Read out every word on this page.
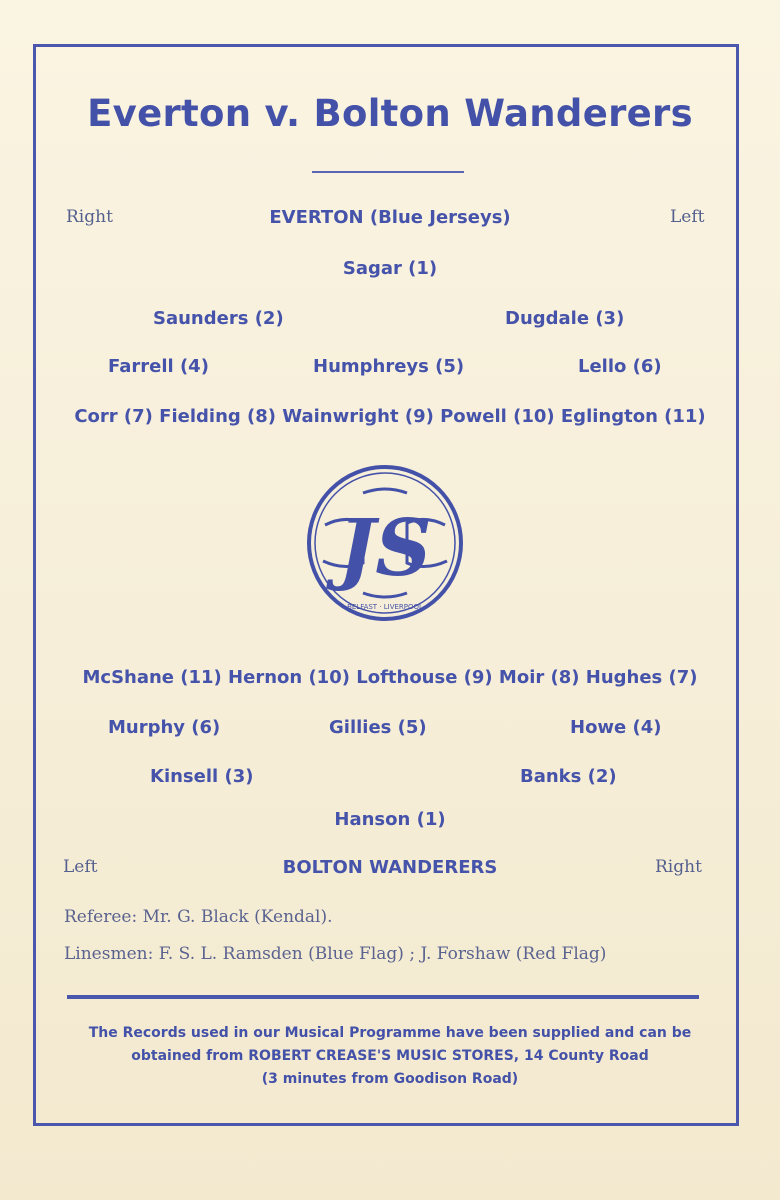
Everton v. Bolton Wanderers
Right	EVERTON (Blue Jerseys)	Left
Sagar (1)
Saunders (2)	Dugdale (3)
Farrell (4)	Humphreys (5)	Lello (6)
Corr (7) Fielding (8) Wainwright (9) Powell (10) Eglington (11)
JS
BELFAST · LIVERPOOL
McShane (11) Hernon (10) Lofthouse (9) Moir (8) Hughes (7)
Murphy (6)	Gillies (5)	Howe (4)
Kinsell (3)	Banks (2)
Hanson (1)
Left	BOLTON WANDERERS	Right
Referee: Mr. G. Black (Kendal).
Linesmen: F. S. L. Ramsden (Blue Flag) ; J. Forshaw (Red Flag)
The Records used in our Musical Programme have been supplied and can be
obtained from ROBERT CREASE'S MUSIC STORES, 14 County Road
(3 minutes from Goodison Road)
